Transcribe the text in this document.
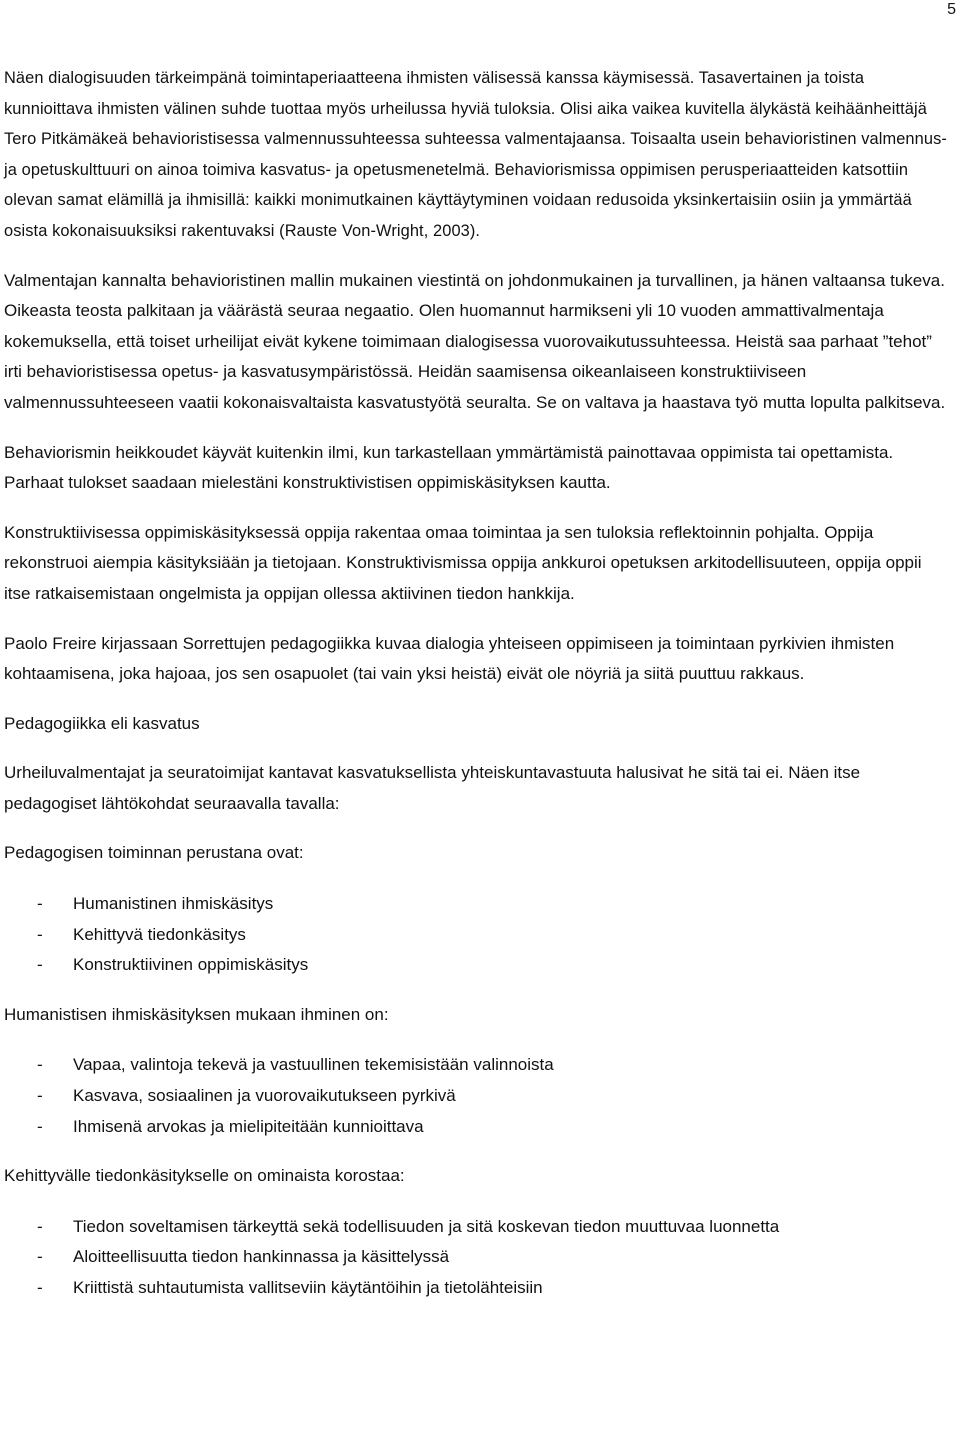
5

Näen dialogisuuden tärkeimpänä toimintaperiaatteena ihmisten välisessä kanssa käymisessä. Tasavertainen ja toista kunnioittava ihmisten välinen suhde tuottaa myös urheilussa hyviä tuloksia. Olisi aika vaikea kuvitella älykästä keihäänheittäjä Tero Pitkämäkeä behavioristisessa valmennussuhteessa suhteessa valmentajaansa. Toisaalta usein behavioristinen valmennus- ja opetuskulttuuri on ainoa toimiva kasvatus- ja opetusmenetelmä. Behaviorismissa oppimisen perusperiaatteiden katsottiin olevan samat elämillä ja ihmisillä: kaikki monimutkainen käyttäytyminen voidaan redusoida yksinkertaisiin osiin ja ymmärtää osista kokonaisuuksiksi rakentuvaksi (Rauste Von-Wright, 2003).

Valmentajan kannalta behavioristinen mallin mukainen viestintä on johdonmukainen ja turvallinen, ja hänen valtaansa tukeva. Oikeasta teosta palkitaan ja väärästä seuraa negaatio. Olen huomannut harmikseni yli 10 vuoden ammattivalmentaja kokemuksella, että toiset urheilijat eivät kykene toimimaan dialogisessa vuorovaikutussuhteessa. Heistä saa parhaat ”tehot” irti behavioristisessa opetus- ja kasvatusympäristössä. Heidän saamisensa oikeanlaiseen konstruktiiviseen valmennussuhteeseen vaatii kokonaisvaltaista kasvatustyötä seuralta. Se on valtava ja haastava työ mutta lopulta palkitseva.

Behaviorismin heikkoudet käyvät kuitenkin ilmi, kun tarkastellaan ymmärtämistä painottavaa oppimista tai opettamista. Parhaat tulokset saadaan mielestäni konstruktivistisen oppimiskäsityksen kautta.

Konstruktiivisessa oppimiskäsityksessä oppija rakentaa omaa toimintaa ja sen tuloksia reflektoinnin pohjalta. Oppija rekonstruoi aiempia käsityksiään ja tietojaan. Konstruktivismissa oppija ankkuroi opetuksen arkitodellisuuteen, oppija oppii itse ratkaisemistaan ongelmista ja oppijan ollessa aktiivinen tiedon hankkija.

Paolo Freire kirjassaan Sorrettujen pedagogiikka kuvaa dialogia yhteiseen oppimiseen ja toimintaan pyrkivien ihmisten kohtaamisena, joka hajoaa, jos sen osapuolet (tai vain yksi heistä) eivät ole nöyriä ja siitä puuttuu rakkaus.

Pedagogiikka eli kasvatus

Urheiluvalmentajat ja seuratoimijat kantavat kasvatuksellista yhteiskuntavastuuta halusivat he sitä tai ei. Näen itse pedagogiset lähtökohdat seuraavalla tavalla:

Pedagogisen toiminnan perustana ovat:

- Humanistinen ihmiskäsitys
- Kehittyvä tiedonkäsitys
- Konstruktiivinen oppimiskäsitys

Humanistisen ihmiskäsityksen mukaan ihminen on:

- Vapaa, valintoja tekevä ja vastuullinen tekemisistään valinnoista
- Kasvava, sosiaalinen ja vuorovaikutukseen pyrkivä
- Ihmisenä arvokas ja mielipiteitään kunnioittava

Kehittyvälle tiedonkäsitykselle on ominaista korostaa:

- Tiedon soveltamisen tärkeyttä sekä todellisuuden ja sitä koskevan tiedon muuttuvaa luonnetta
- Aloitteellisuutta tiedon hankinnassa ja käsittelyssä
- Kriittistä suhtautumista vallitseviin käytäntöihin ja tietolähteisiin
